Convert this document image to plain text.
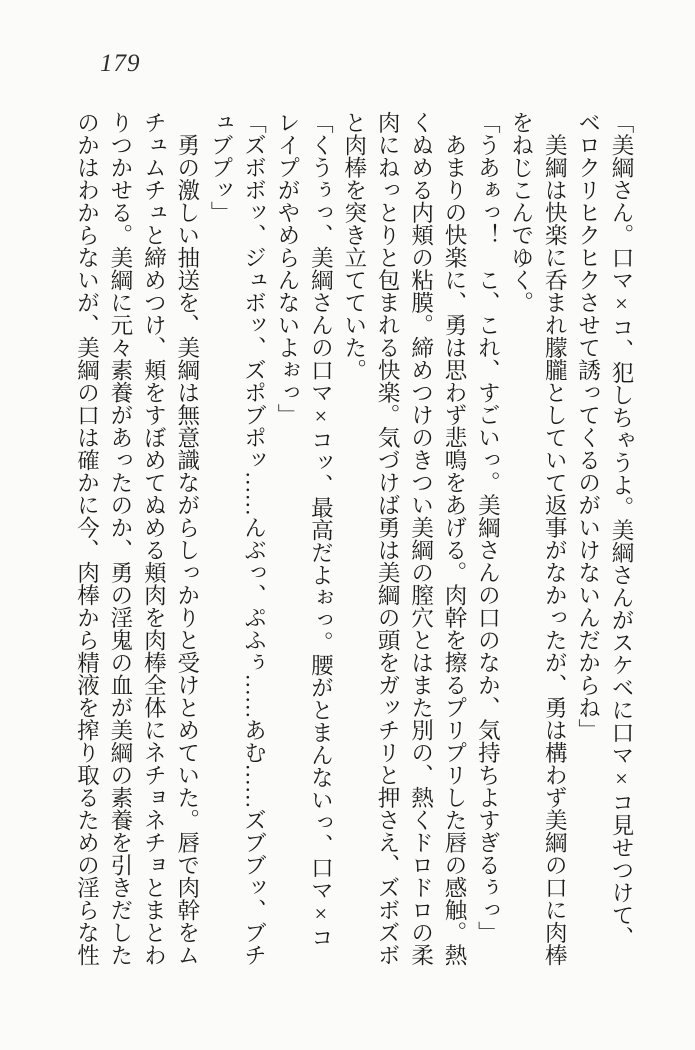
179

「美綱さん。口マ×コ、犯しちゃうよ。美綱さんがスケベに口マ×コ見せつけて、ベロクリヒクヒクさせて誘ってくるのがいけないんだからね」

　美綱は快楽に呑まれ朦朧としていて返事がなかったが、勇は構わず美綱の口に肉棒をねじこんでゆく。

「うあぁっ！　こ、これ、すごいっ。美綱さんの口のなか、気持ちよすぎるぅっ」

　あまりの快楽に、勇は思わず悲鳴をあげる。肉幹を擦るプリプリした唇の感触。熱くぬめる内頬の粘膜。締めつけのきつい美綱の膣穴とはまた別の、熱くドロドロの柔肉にねっとりと包まれる快楽。気づけば勇は美綱の頭をガッチリと押さえ、ズボズボと肉棒を突き立てていた。

「くうぅっ、美綱さんの口マ×コッ、最高だよぉっ。腰がとまんないっ、口マ×コレイプがやめらんないよぉっ」

「ズボボッ、ジュボッ、ズポブポッ……んぶっ、ぷふぅ……あむ……ズブブッ、ブチュブプッ」

　勇の激しい抽送を、美綱は無意識ながらしっかりと受けとめていた。唇で肉幹をムチュムチュと締めつけ、頬をすぼめてぬめる頬肉を肉棒全体にネチョネチョとまとわりつかせる。美綱に元々素養があったのか、勇の淫鬼の血が美綱の素養を引きだしたのかはわからないが、美綱の口は確かに今、肉棒から精液を搾り取るための淫らな性
